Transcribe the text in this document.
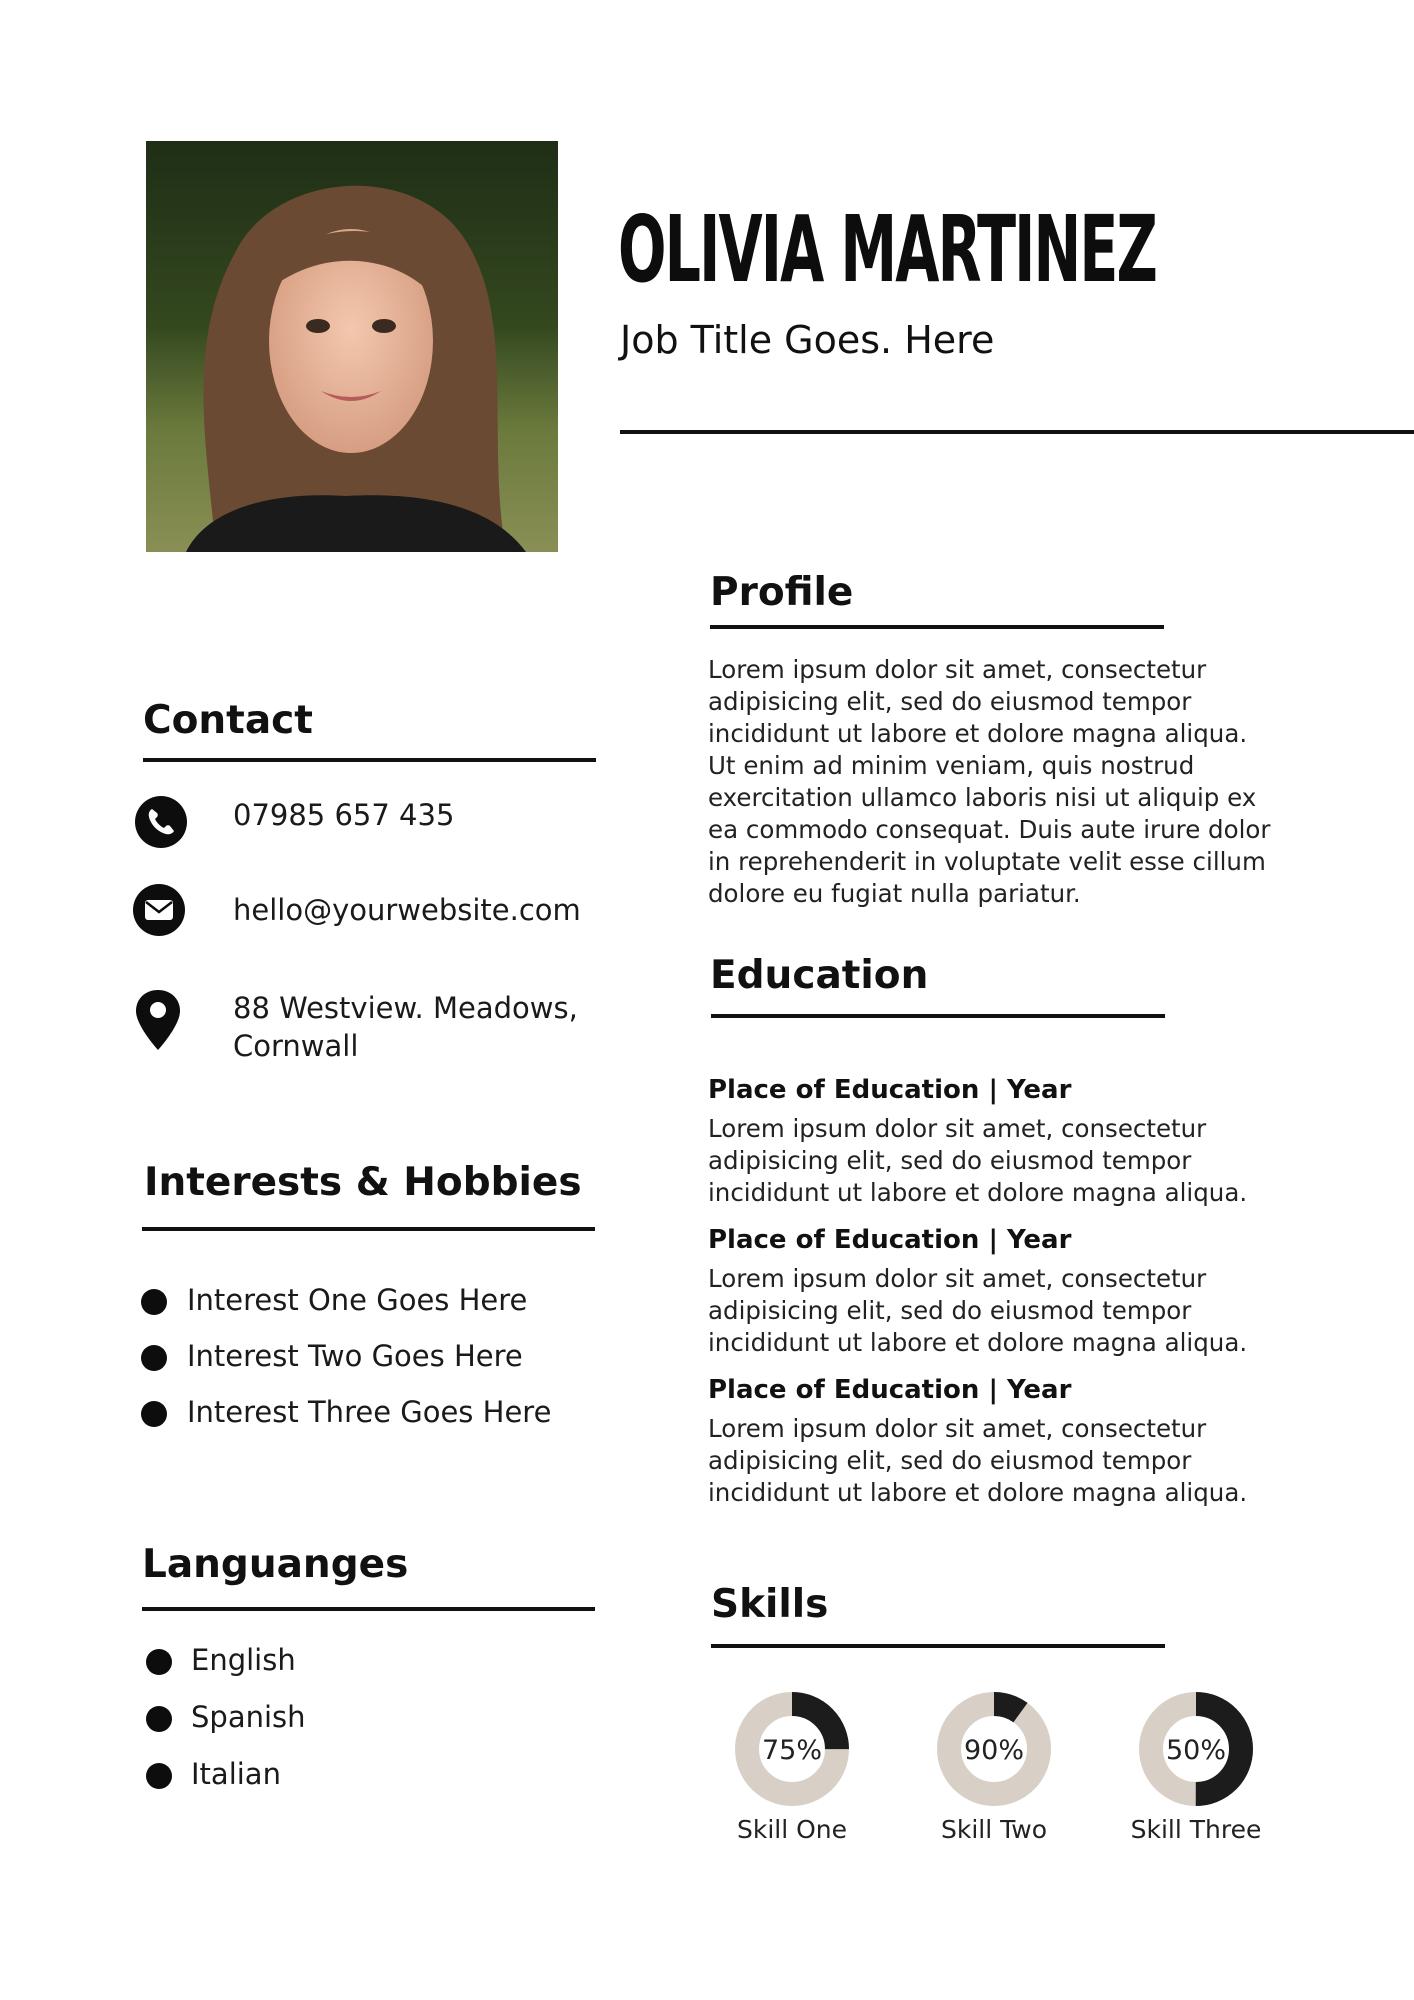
OLIVIA MARTINEZ
Job Title Goes. Here
Profile
Lorem ipsum dolor sit amet, consectetur adipisicing elit, sed do eiusmod tempor incididunt ut labore et dolore magna aliqua. Ut enim ad minim veniam, quis nostrud exercitation ullamco laboris nisi ut aliquip ex ea commodo consequat. Duis aute irure dolor in reprehenderit in voluptate velit esse cillum dolore eu fugiat nulla pariatur.
Contact
07985 657 435
hello@yourwebsite.com
88 Westview. Meadows,
Cornwall
Interests & Hobbies
Interest One Goes Here
Interest Two Goes Here
Interest Three Goes Here
Languanges
English
Spanish
Italian
Education
Place of Education | Year
Lorem ipsum dolor sit amet, consectetur adipisicing elit, sed do eiusmod tempor incididunt ut labore et dolore magna aliqua.
Place of Education | Year
Lorem ipsum dolor sit amet, consectetur adipisicing elit, sed do eiusmod tempor incididunt ut labore et dolore magna aliqua.
Place of Education | Year
Lorem ipsum dolor sit amet, consectetur adipisicing elit, sed do eiusmod tempor incididunt ut labore et dolore magna aliqua.
Skills
75%
Skill One
90%
Skill Two
50%
Skill Three
